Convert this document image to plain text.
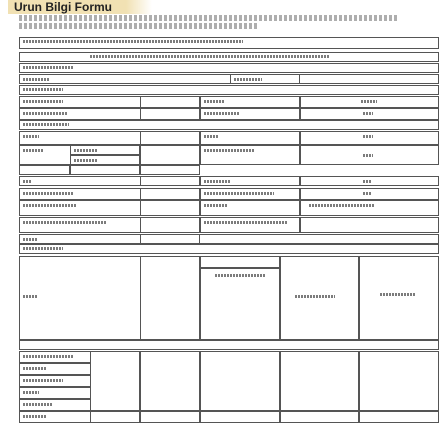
Urun Bilgi Formu
